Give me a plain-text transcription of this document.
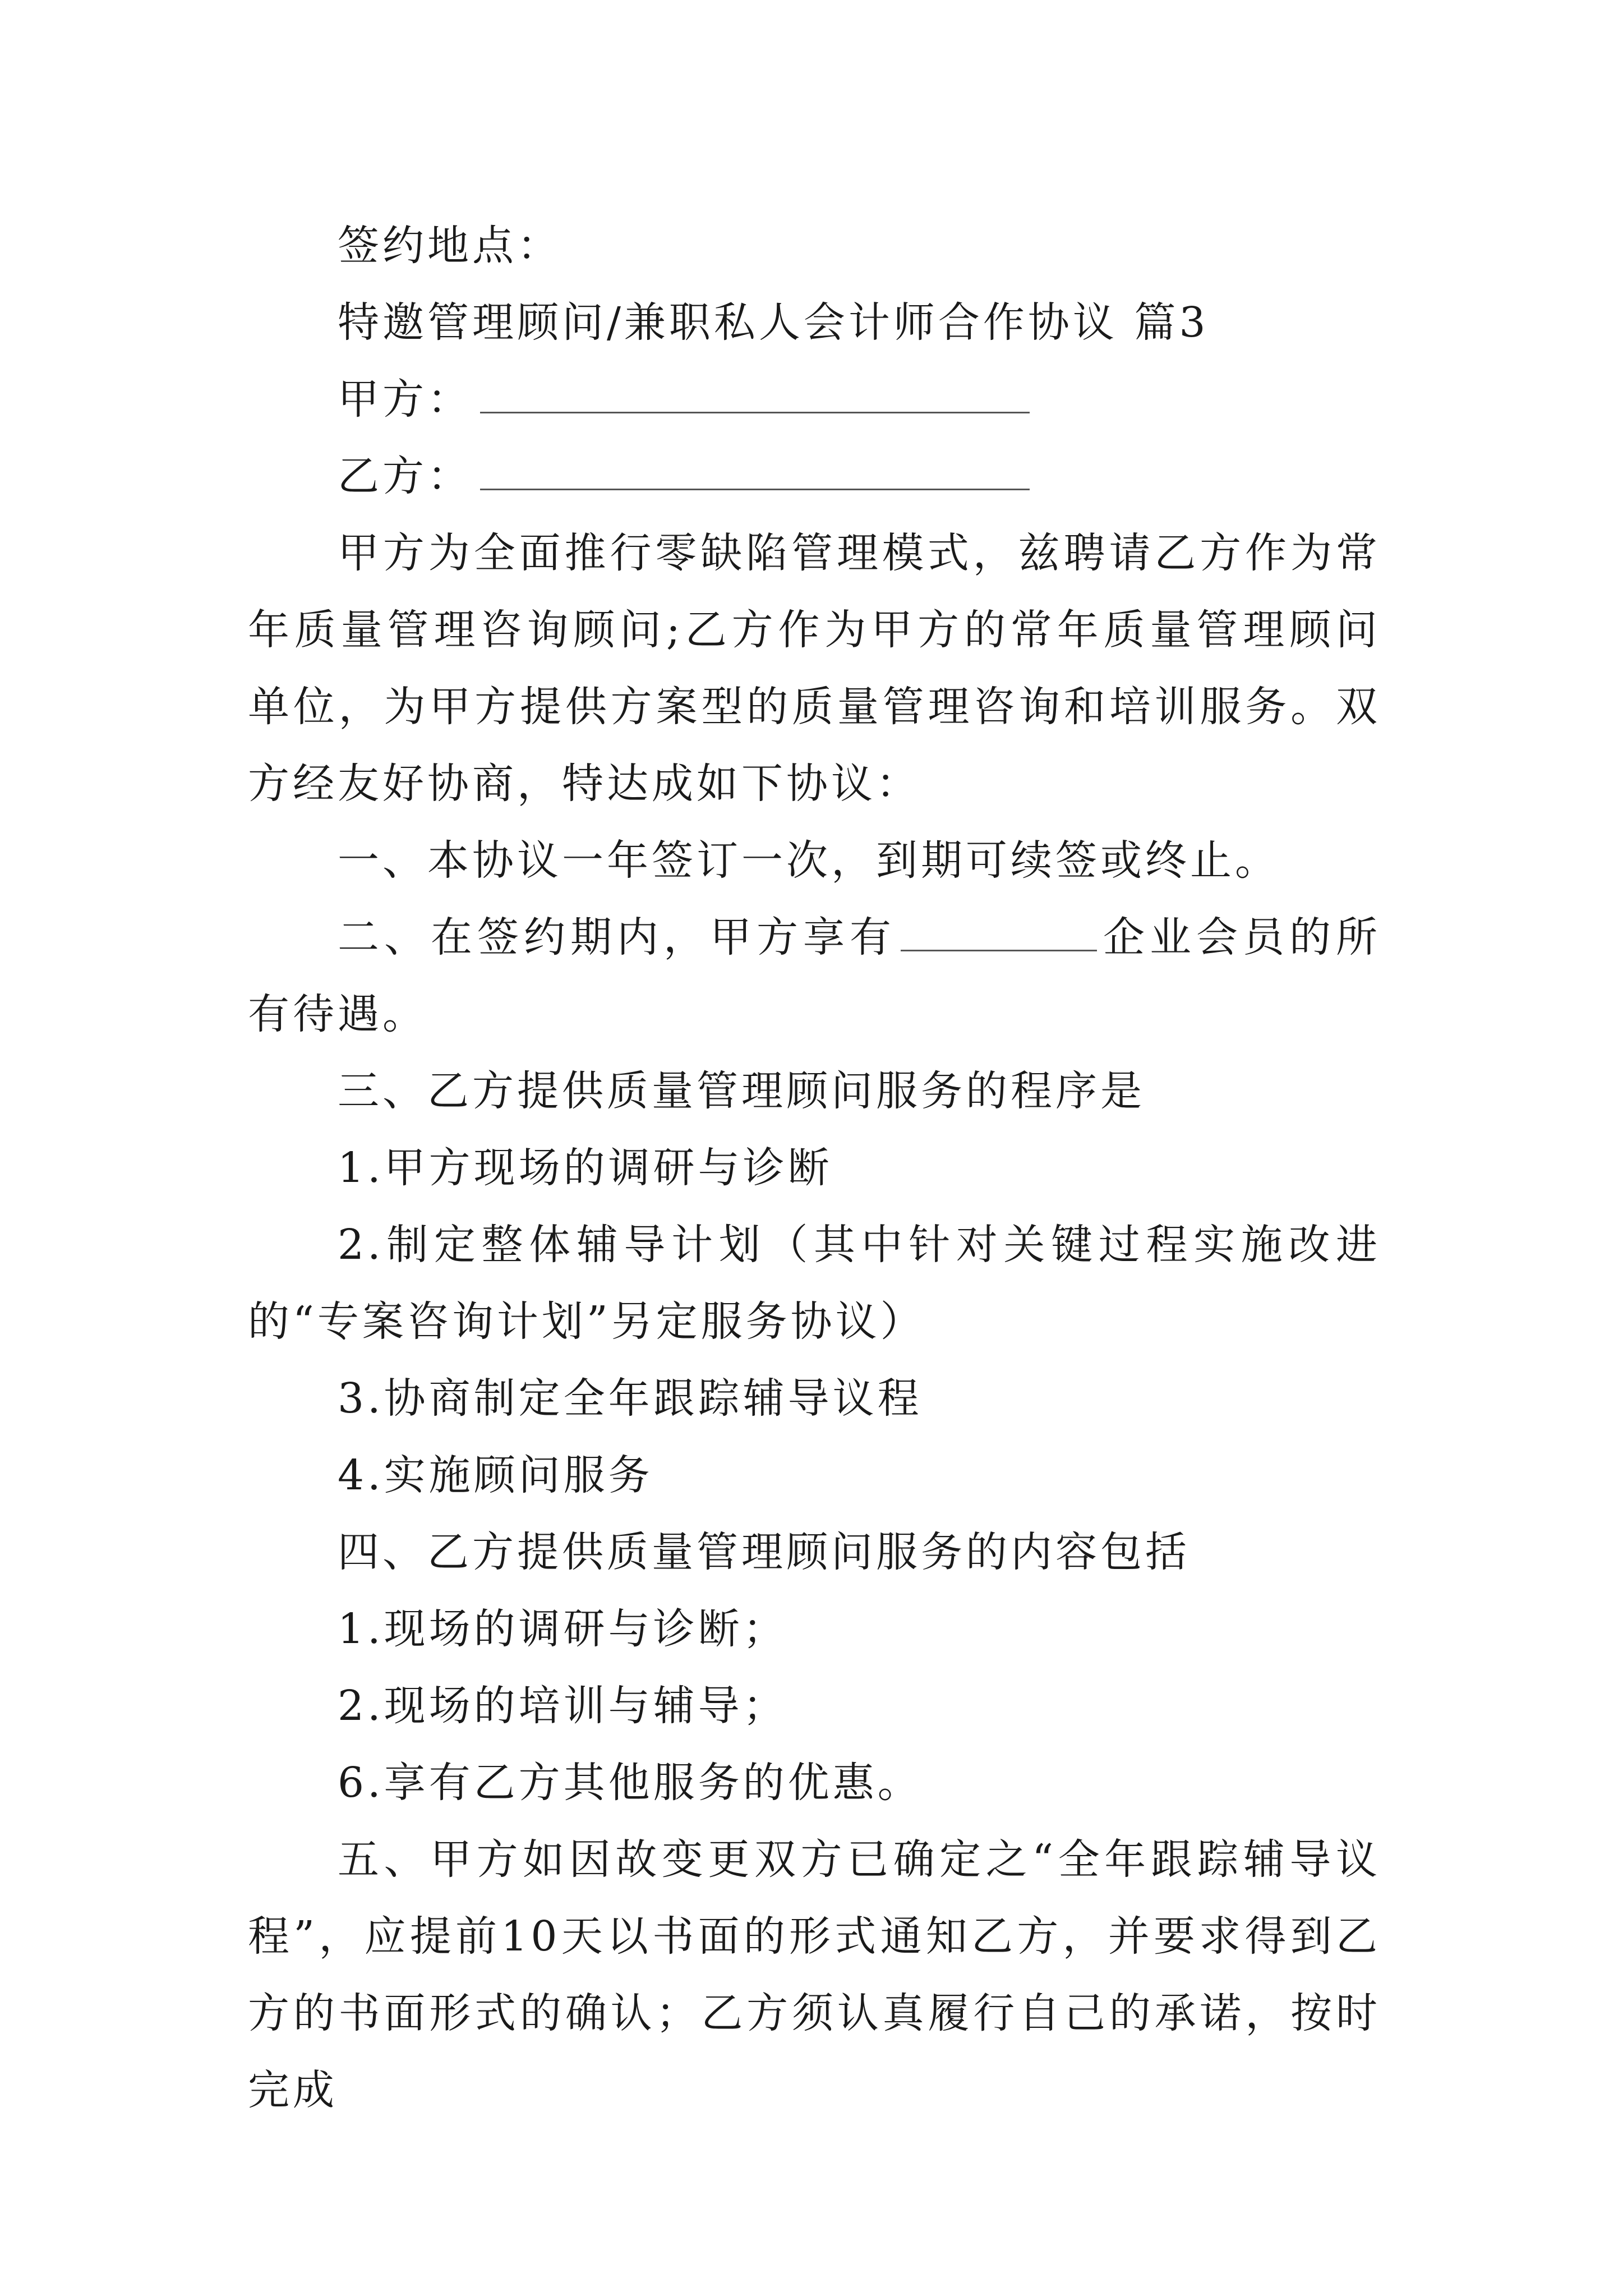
签约地点：

特邀管理顾问/兼职私人会计师合作协议 篇3

甲方：

乙方：

甲方为全面推行零缺陷管理模式，兹聘请乙方作为常年质量管理咨询顾问;乙方作为甲方的常年质量管理顾问单位，为甲方提供方案型的质量管理咨询和培训服务。双方经友好协商，特达成如下协议：

一、本协议一年签订一次，到期可续签或终止。

二、在签约期内，甲方享有	企业会员的所有待遇。

三、乙方提供质量管理顾问服务的程序是

1.甲方现场的调研与诊断

2.制定整体辅导计划（其中针对关键过程实施改进的“专案咨询计划”另定服务协议）

3.协商制定全年跟踪辅导议程

4.实施顾问服务

四、乙方提供质量管理顾问服务的内容包括

1.现场的调研与诊断；

2.现场的培训与辅导；

6.享有乙方其他服务的优惠。

五、甲方如因故变更双方已确定之“全年跟踪辅导议程”，应提前10天以书面的形式通知乙方，并要求得到乙方的书面形式的确认；乙方须认真履行自己的承诺，按时完成
